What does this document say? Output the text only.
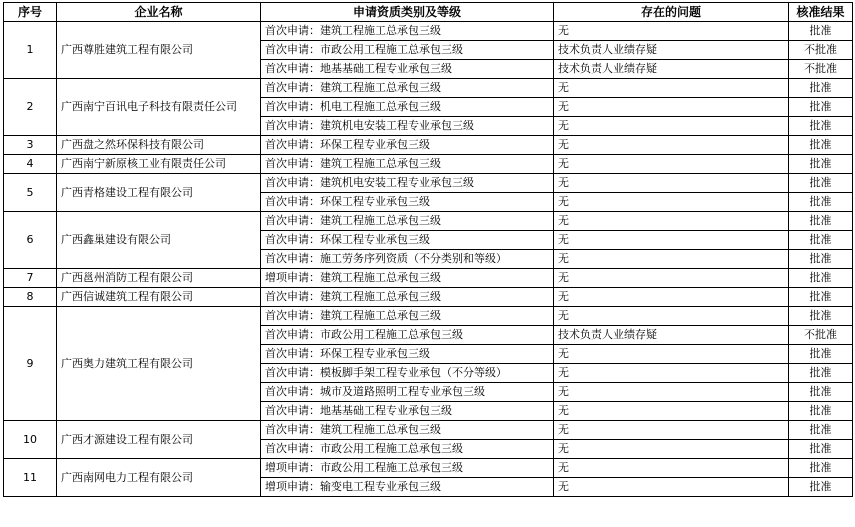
序号	企业名称	申请资质类别及等级	存在的问题	核准结果
1	广西尊胜建筑工程有限公司	首次申请：建筑工程施工总承包三级	无	批准
		首次申请：市政公用工程施工总承包三级	技术负责人业绩存疑	不批准
		首次申请：地基基础工程专业承包三级	技术负责人业绩存疑	不批准
2	广西南宁百讯电子科技有限责任公司	首次申请：建筑工程施工总承包三级	无	批准
		首次申请：机电工程施工总承包三级	无	批准
		首次申请：建筑机电安装工程专业承包三级	无	批准
3	广西盘之然环保科技有限公司	首次申请：环保工程专业承包三级	无	批准
4	广西南宁新原核工业有限责任公司	首次申请：建筑工程施工总承包三级	无	批准
5	广西青格建设工程有限公司	首次申请：建筑机电安装工程专业承包三级	无	批准
		首次申请：环保工程专业承包三级	无	批准
6	广西鑫巢建设有限公司	首次申请：建筑工程施工总承包三级	无	批准
		首次申请：环保工程专业承包三级	无	批准
		首次申请：施工劳务序列资质（不分类别和等级）	无	批准
7	广西邕州消防工程有限公司	增项申请：建筑工程施工总承包三级	无	批准
8	广西信诚建筑工程有限公司	首次申请：建筑工程施工总承包三级	无	批准
9	广西奥力建筑工程有限公司	首次申请：建筑工程施工总承包三级	无	批准
		首次申请：市政公用工程施工总承包三级	技术负责人业绩存疑	不批准
		首次申请：环保工程专业承包三级	无	批准
		首次申请：模板脚手架工程专业承包（不分等级）	无	批准
		首次申请：城市及道路照明工程专业承包三级	无	批准
		首次申请：地基基础工程专业承包三级	无	批准
10	广西才源建设工程有限公司	首次申请：建筑工程施工总承包三级	无	批准
		首次申请：市政公用工程施工总承包三级	无	批准
11	广西南网电力工程有限公司	增项申请：市政公用工程施工总承包三级	无	批准
		增项申请：输变电工程专业承包三级	无	批准
